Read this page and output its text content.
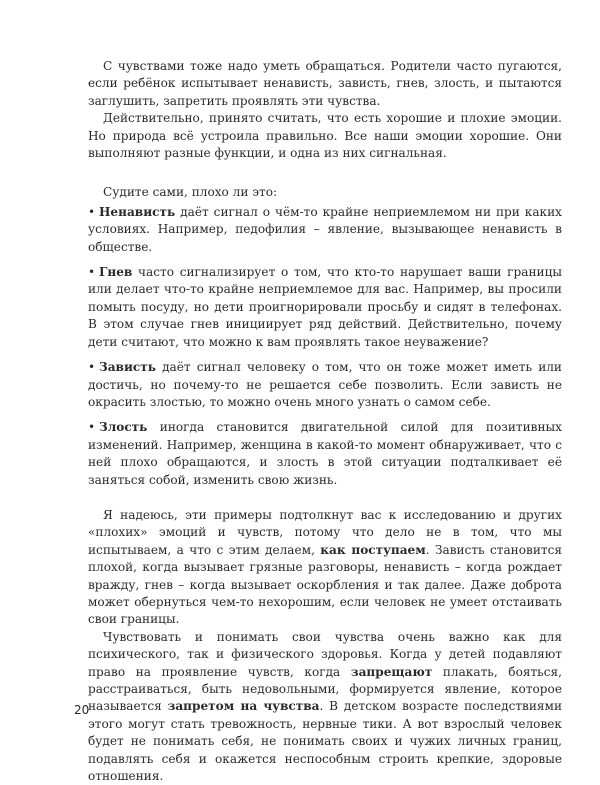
С чувствами тоже надо уметь обращаться. Родители часто пугаются, если ребёнок испытывает ненависть, зависть, гнев, злость, и пытаются заглушить, запретить проявлять эти чувства.

Действительно, принято считать, что есть хорошие и плохие эмоции. Но природа всё устроила правильно. Все наши эмоции хорошие. Они выполняют разные функции, и одна из них сигнальная.

Судите сами, плохо ли это:

• Ненависть даёт сигнал о чём-то крайне неприемлемом ни при каких условиях. Например, педофилия – явление, вызывающее ненависть в обществе.
• Гнев часто сигнализирует о том, что кто-то нарушает ваши границы или делает что-то крайне неприемлемое для вас. Например, вы просили помыть посуду, но дети проигнорировали просьбу и сидят в телефонах. В этом случае гнев инициирует ряд действий. Действительно, почему дети считают, что можно к вам проявлять такое неуважение?
• Зависть даёт сигнал человеку о том, что он тоже может иметь или достичь, но почему-то не решается себе позволить. Если зависть не окрасить злостью, то можно очень много узнать о самом себе.
• Злость иногда становится двигательной силой для позитивных изменений. Например, женщина в какой-то момент обнаруживает, что с ней плохо обращаются, и злость в этой ситуации подталкивает её заняться собой, изменить свою жизнь.

Я надеюсь, эти примеры подтолкнут вас к исследованию и других «плохих» эмоций и чувств, потому что дело не в том, что мы испытываем, а что с этим делаем, как поступаем. Зависть становится плохой, когда вызывает грязные разговоры, ненависть – когда рождает вражду, гнев – когда вызывает оскорбления и так далее. Даже доброта может обернуться чем-то нехорошим, если человек не умеет отстаивать свои границы.

Чувствовать и понимать свои чувства очень важно как для психического, так и физического здоровья. Когда у детей подавляют право на проявление чувств, когда запрещают плакать, бояться, расстраиваться, быть недовольными, формируется явление, которое называется запретом на чувства. В детском возрасте последствиями этого могут стать тревожность, нервные тики. А вот взрослый человек будет не понимать себя, не понимать своих и чужих личных границ, подавлять себя и окажется неспособным строить крепкие, здоровые отношения.

20
